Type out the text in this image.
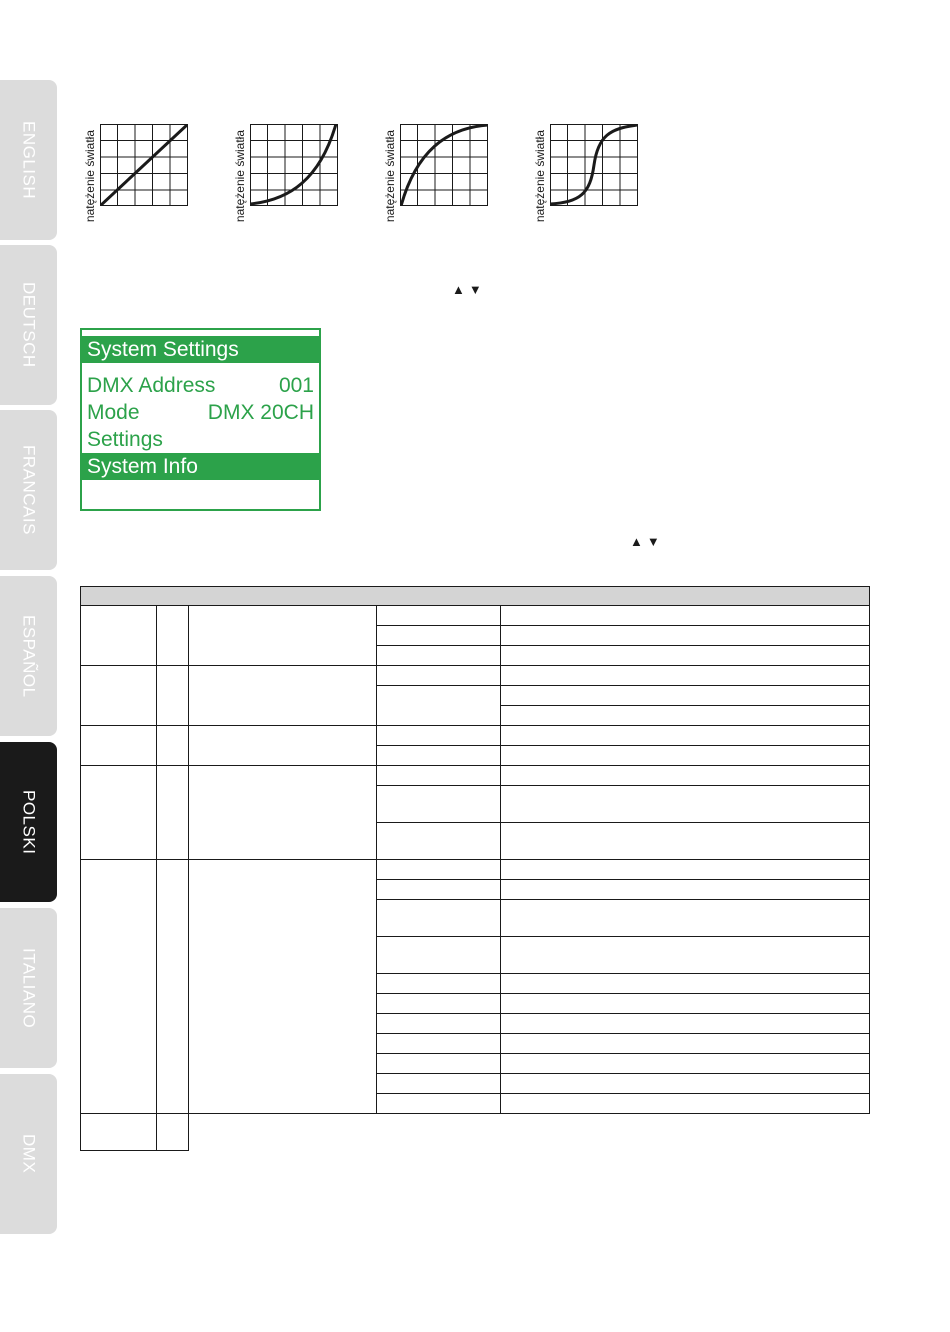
ENGLISH
DEUTSCH
FRANCAIS
ESPAÑOL
POLSKI
ITALIANO
DMX
natężenie światła	natężenie światła	natężenie światła	natężenie światła
▲▼
▲▼
System Settings
DMX Address	001
Mode	DMX 20CH
Settings
System Info
